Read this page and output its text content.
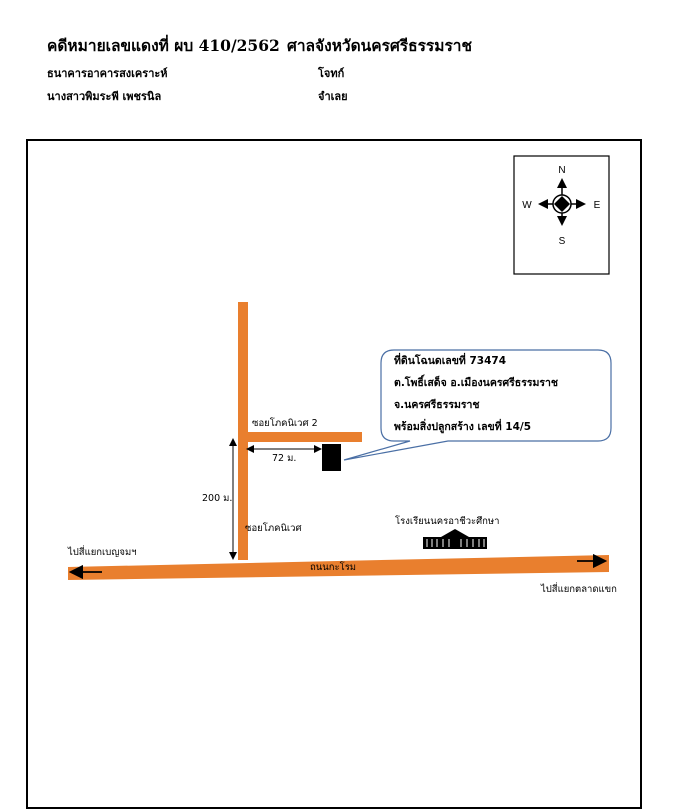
คดีหมายเลขแดงที่ ผบ 410/2562 ศาลจังหวัดนครศรีธรรมราช
ธนาคารอาคารสงเคราะห์	โจทก์
นางสาวพิมระพี เพชรนิล	จำเลย
N
S
W	E
ที่ดินโฉนดเลขที่ 73474
ต.โพธิ์เสด็จ อ.เมืองนครศรีธรรมราช
จ.นครศรีธรรมราช
พร้อมสิ่งปลูกสร้าง เลขที่ 14/5
ซอยโภคนิเวศ 2
72 ม.
200 ม.
ซอยโภคนิเวศ
โรงเรียนนครอาชีวะศึกษา
ไปสี่แยกเบญจมฯ
ถนนกะโรม
ไปสี่แยกตลาดแขก
